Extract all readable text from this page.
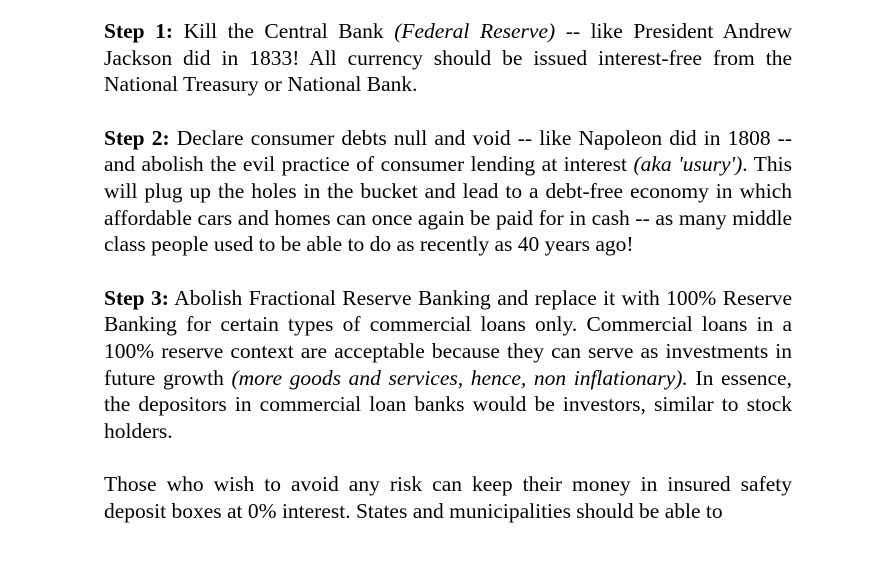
Step 1: Kill the Central Bank (Federal Reserve) -- like President Andrew Jackson did in 1833! All currency should be issued interest-free from the National Treasury or National Bank.

Step 2: Declare consumer debts null and void -- like Napoleon did in 1808 -- and abolish the evil practice of consumer lending at interest (aka 'usury'). This will plug up the holes in the bucket and lead to a debt-free economy in which affordable cars and homes can once again be paid for in cash -- as many middle class people used to be able to do as recently as 40 years ago!

Step 3: Abolish Fractional Reserve Banking and replace it with 100% Reserve Banking for certain types of commercial loans only. Commercial loans in a 100% reserve context are acceptable because they can serve as investments in future growth (more goods and services, hence, non inflationary). In essence, the depositors in commercial loan banks would be investors, similar to stock holders.

Those who wish to avoid any risk can keep their money in insured safety deposit boxes at 0% interest. States and municipalities should be able to
